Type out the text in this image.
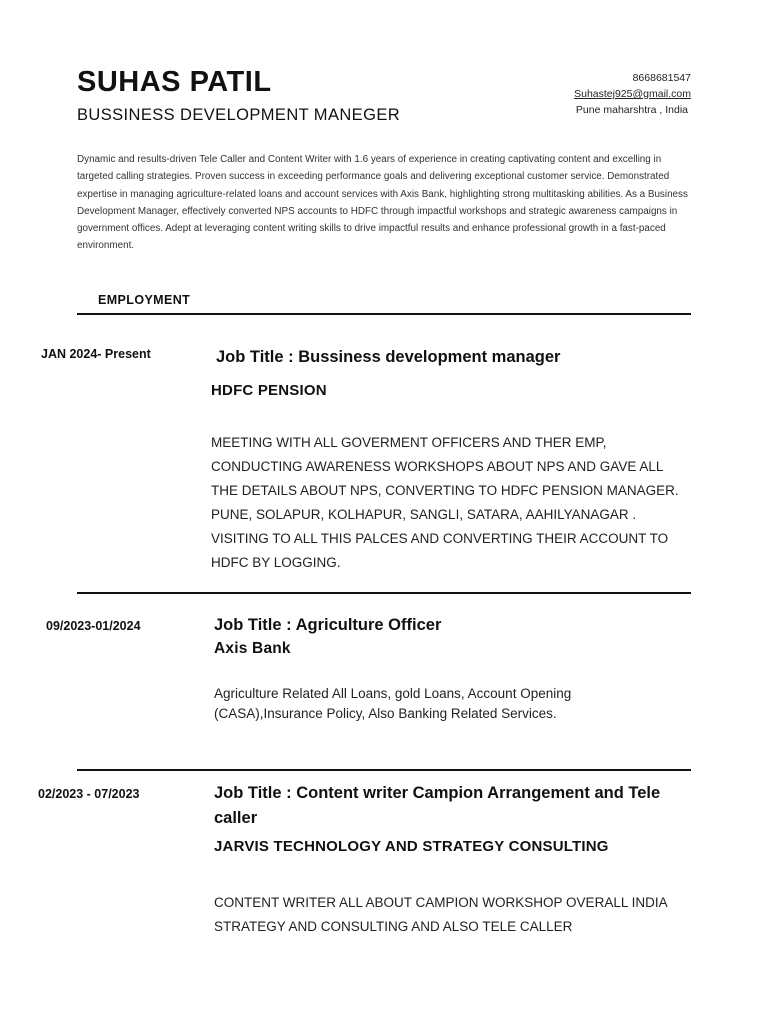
SUHAS PATIL
BUSSINESS DEVELOPMENT MANEGER
8668681547
Suhastej925@gmail.com
Pune maharshtra , India
Dynamic and results-driven Tele Caller and Content Writer with 1.6 years of experience in creating captivating content and excelling in targeted calling strategies. Proven success in exceeding performance goals and delivering exceptional customer service. Demonstrated expertise in managing agriculture-related loans and account services with Axis Bank, highlighting strong multitasking abilities. As a Business Development Manager, effectively converted NPS accounts to HDFC through impactful workshops and strategic awareness campaigns in government offices. Adept at leveraging content writing skills to drive impactful results and enhance professional growth in a fast-paced environment.
EMPLOYMENT
JAN 2024- Present	Job Title : Bussiness development manager
HDFC PENSION
MEETING WITH ALL GOVERMENT OFFICERS AND THER EMP, CONDUCTING AWARENESS WORKSHOPS ABOUT NPS AND GAVE ALL THE DETAILS ABOUT NPS, CONVERTING TO HDFC PENSION MANAGER. PUNE, SOLAPUR, KOLHAPUR, SANGLI, SATARA, AAHILYANAGAR . VISITING TO ALL THIS PALCES AND CONVERTING THEIR ACCOUNT TO HDFC BY LOGGING.
09/2023-01/2024	Job Title : Agriculture Officer
Axis Bank
Agriculture Related All Loans, gold Loans, Account Opening (CASA),Insurance Policy, Also Banking Related Services.
02/2023 - 07/2023	Job Title : Content writer Campion Arrangement and Tele caller
JARVIS TECHNOLOGY AND STRATEGY CONSULTING
CONTENT WRITER ALL ABOUT CAMPION WORKSHOP OVERALL INDIA STRATEGY AND CONSULTING AND ALSO TELE CALLER
